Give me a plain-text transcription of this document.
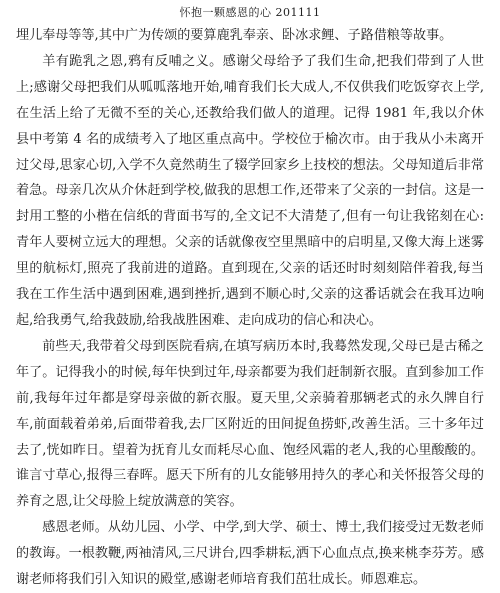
怀抱一颗感恩的心 201111

埋儿奉母等等,其中广为传颂的要算鹿乳奉亲、卧冰求鲤、子路借粮等故事。

羊有跪乳之恩,鸦有反哺之义。感谢父母给予了我们生命,把我们带到了人世上;感谢父母把我们从呱呱落地开始,哺育我们长大成人,不仅供我们吃饭穿衣上学,在生活上给了无微不至的关心,还教给我们做人的道理。记得 1981 年,我以介休县中考第 4 名的成绩考入了地区重点高中。学校位于榆次市。由于我从小未离开过父母,思家心切,入学不久竟然萌生了辍学回家乡上技校的想法。父母知道后非常着急。母亲几次从介休赶到学校,做我的思想工作,还带来了父亲的一封信。这是一封用工整的小楷在信纸的背面书写的,全文记不大清楚了,但有一句让我铭刻在心:青年人要树立远大的理想。父亲的话就像夜空里黑暗中的启明星,又像大海上迷雾里的航标灯,照亮了我前进的道路。直到现在,父亲的话还时时刻刻陪伴着我,每当我在工作生活中遇到困难,遇到挫折,遇到不顺心时,父亲的这番话就会在我耳边响起,给我勇气,给我鼓励,给我战胜困难、走向成功的信心和决心。

前些天,我带着父母到医院看病,在填写病历本时,我蓦然发现,父母已是古稀之年了。记得我小的时候,每年快到过年,母亲都要为我们赶制新衣服。直到参加工作前,我每年过年都是穿母亲做的新衣服。夏天里,父亲骑着那辆老式的永久牌自行车,前面载着弟弟,后面带着我,去厂区附近的田间捉鱼捞虾,改善生活。三十多年过去了,恍如昨日。望着为抚育儿女而耗尽心血、饱经风霜的老人,我的心里酸酸的。谁言寸草心,报得三春晖。愿天下所有的儿女能够用持久的孝心和关怀报答父母的养育之恩,让父母脸上绽放满意的笑容。

感恩老师。从幼儿园、小学、中学,到大学、硕士、博士,我们接受过无数老师的教诲。一根教鞭,两袖清风,三尺讲台,四季耕耘,洒下心血点点,换来桃李芬芳。感谢老师将我们引入知识的殿堂,感谢老师培育我们茁壮成长。师恩难忘。
